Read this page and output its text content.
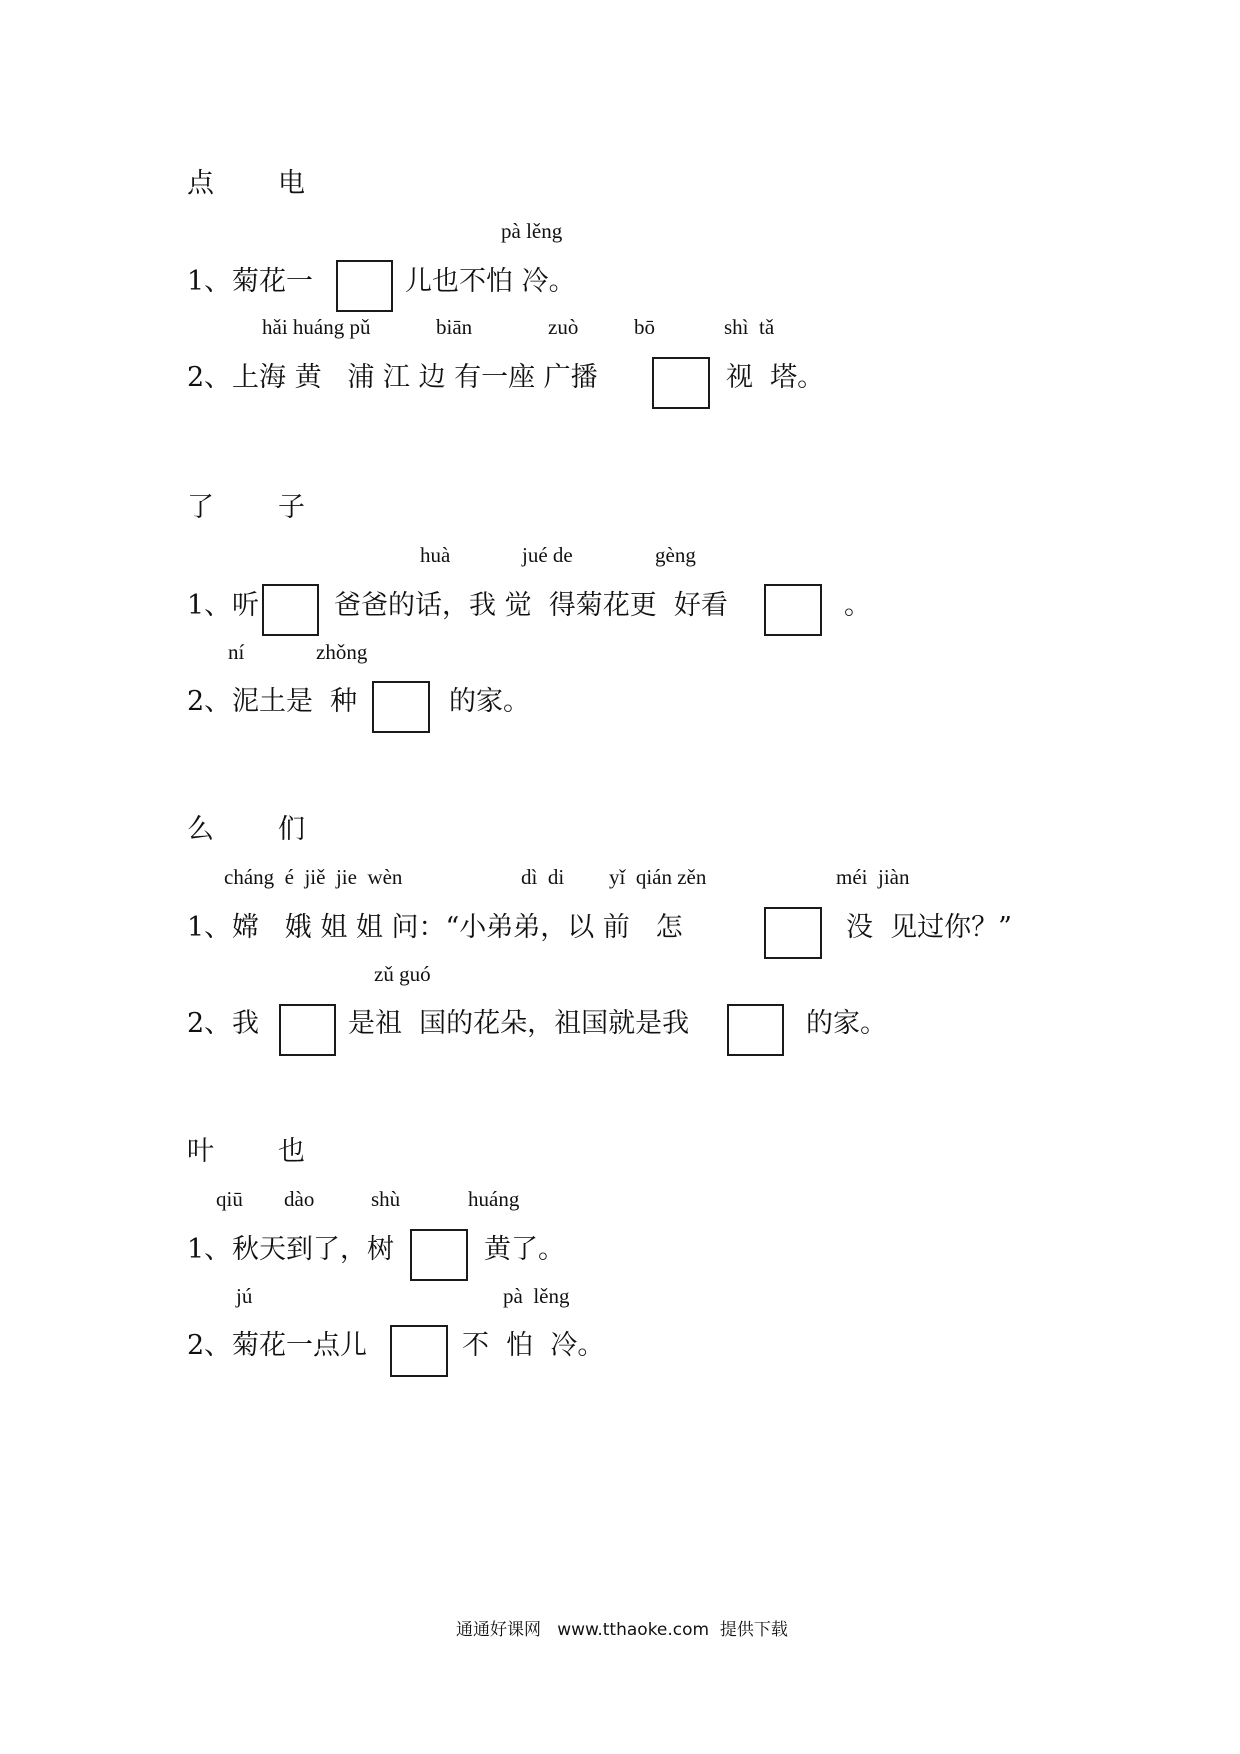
点 电
pà lěng
1、 菊花一	儿也不怕 冷。
hǎi huáng pǔ	biān	zuò	bō	shì  tǎ
2、 上海 黄   浦 江 边 有一座 广播	视  塔。
了 子
huà	jué de	gèng
1、 听	爸爸的话，我 觉  得菊花更  好看	。
ní	zhǒng
2、 泥土是  种	的家。
么 们
cháng  é  jiě  jie  wèn	dì  di yǐ  qián zěn	méi  jiàn
1、 嫦   娥 姐 姐 问：“小弟弟，以 前   怎	没  见过你？”
zǔ guó
2、 我	是祖  国的花朵，祖国就是我	的家。
叶 也
qiū dào	shù	huáng
1、 秋天到了，树	黄了。
jú	pà  lěng
2、 菊花一点儿	不  怕  冷。
通通好课网   www.tthaoke.com  提供下载
